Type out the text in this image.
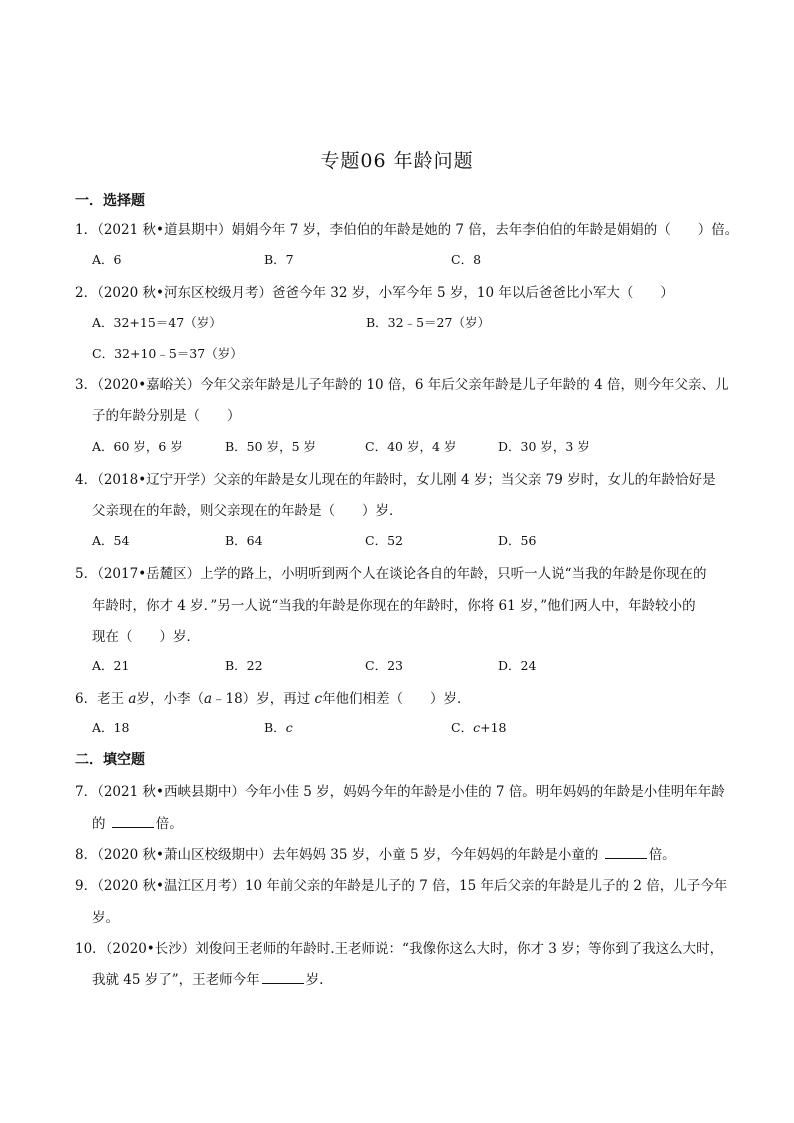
专题06 年龄问题
一．选择题
1．（2021 秋•道县期中）娟娟今年 7 岁，李伯伯的年龄是她的 7 倍，去年李伯伯的年龄是娟娟的（　　）倍。
A．6	B．7	C．8
2．（2020 秋•河东区校级月考）爸爸今年 32 岁，小军今年 5 岁，10 年以后爸爸比小军大（　　）
A．32+15＝47（岁）	B．32﹣5＝27（岁）
C．32+10﹣5＝37（岁）
3．（2020•嘉峪关）今年父亲年龄是儿子年龄的 10 倍，6 年后父亲年龄是儿子年龄的 4 倍，则今年父亲、儿
子的年龄分别是（　　）
A．60 岁，6 岁	B．50 岁，5 岁	C．40 岁，4 岁	D．30 岁，3 岁
4．（2018•辽宁开学）父亲的年龄是女儿现在的年龄时，女儿刚 4 岁；当父亲 79 岁时，女儿的年龄恰好是
父亲现在的年龄，则父亲现在的年龄是（　　）岁．
A．54	B．64	C．52	D．56
5．（2017•岳麓区）上学的路上，小明听到两个人在谈论各自的年龄，只听一人说“当我的年龄是你现在的
年龄时，你才 4 岁．”另一人说“当我的年龄是你现在的年龄时，你将 61 岁，”他们两人中，年龄较小的
现在（　　）岁．
A．21	B．22	C．23	D．24
6．老王 a岁，小李（a﹣18）岁，再过 c年他们相差（　　）岁．
A．18	B．c	C．c+18
二．填空题
7．（2021 秋•西峡县期中）今年小佳 5 岁，妈妈今年的年龄是小佳的 7 倍。明年妈妈的年龄是小佳明年年龄
的	倍。
8．（2020 秋•萧山区校级期中）去年妈妈 35 岁，小童 5 岁，今年妈妈的年龄是小童的	倍。
9．（2020 秋•温江区月考）10 年前父亲的年龄是儿子的 7 倍，15 年后父亲的年龄是儿子的 2 倍，儿子今年
岁。
10．（2020•长沙）刘俊问王老师的年龄时.王老师说：“我像你这么大时，你才 3 岁；等你到了我这么大时，
我就 45 岁了”，王老师今年	岁.
